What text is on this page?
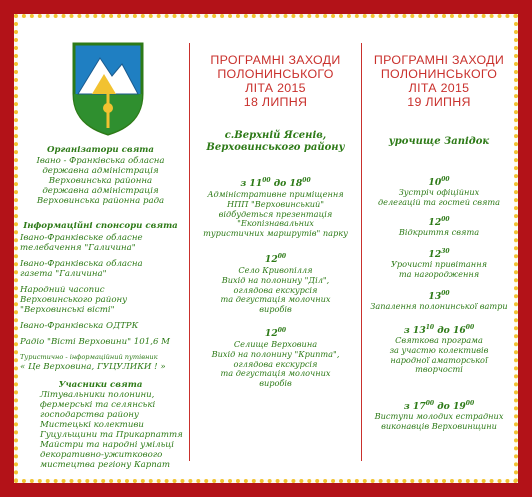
Організатори свята
Івано - Франківська обласна
державна адміністрація
Верховинська районна
державна адміністрація
Верховинська районна рада
Інформаційні спонсори свята
Івано-Франківське обласне
телебачення "Галичина"
Івано-Франківська обласна
газета "Галичина"
Народний часопис
Верховинського району
"Верховинські вісті"
Івано-Франківська ОДТРК
Радіо "Вісті Верховини" 101,6 М
Туристично - інформаційний путівник
« Це Верховина, ГУЦУЛИКИ ! »
Учасники свята
Літувальники полонини,
фермерські та селянські
господарства району
Мистецькі колективи
Гуцульщини та Прикарпаття
Майстри та народні умільці
декоративно-ужиткового
мистецтва регіону Карпат
ПРОГРАМНІ ЗАХОДИ
ПОЛОНИНСЬКОГО
ЛІТА 2015
18 ЛИПНЯ
с.Верхній Ясенів,
Верховинського району
з $11^{00}$ до $18^{00}$
Адміністративне приміщення
НПП "Верховинський"
відбудеться презентація
"Екопізнавальних
туристичних маршрутів" парку
$12^{00}$
Село Кривопілля
Вихід на полонину "Діл",
оглядова екскурсія
та дегустація молочних
виробів
$12^{00}$
Селище Верховина
Вихід на полонину "Крипта",
оглядова екскурсія
та дегустація молочних
виробів
ПРОГРАМНІ ЗАХОДИ
ПОЛОНИНСЬКОГО
ЛІТА 2015
19 ЛИПНЯ
урочище Запідок
$10^{00}$
Зустріч офіційних
делегацій та гостей свята
$12^{00}$
Відкриття свята
$12^{30}$
Урочисті привітання
та нагородження
$13^{00}$
Запалення полонинської ватри
з $13^{10}$ до $16^{00}$
Святкова програма
за участю колективів
народної аматорської
творчості
з $17^{00}$ до $19^{00}$
Виступи молодих естрадних
виконавців Верховинщини
